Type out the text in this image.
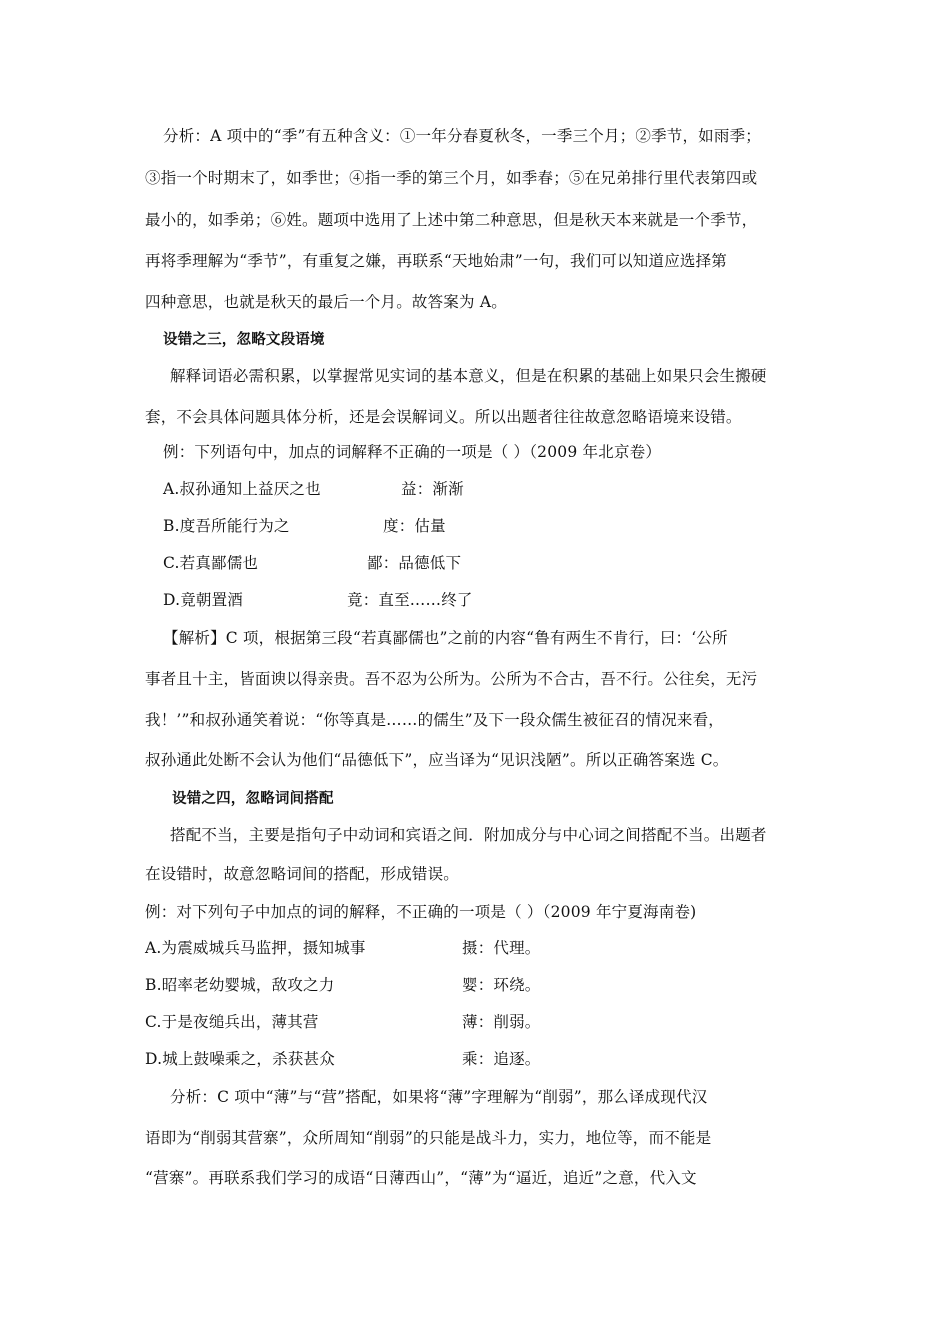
分析：A 项中的“季”有五种含义：①一年分春夏秋冬，一季三个月；②季节，如雨季；
③指一个时期末了，如季世；④指一季的第三个月，如季春；⑤在兄弟排行里代表第四或
最小的，如季弟；⑥姓。题项中选用了上述中第二种意思，但是秋天本来就是一个季节，
再将季理解为“季节”，有重复之嫌，再联系“天地始肃”一句，我们可以知道应选择第
四种意思，也就是秋天的最后一个月。故答案为 A。
设错之三，忽略文段语境
解释词语必需积累，以掌握常见实词的基本意义，但是在积累的基础上如果只会生搬硬
套，不会具体问题具体分析，还是会误解词义。所以出题者往往故意忽略语境来设错。
例：下列语句中，加点的词解释不正确的一项是（ ）（2009 年北京卷）
A.叔孙通知上益厌之也	益：渐渐
B.度吾所能行为之	度：估量
C.若真鄙儒也	鄙：品德低下
D.竟朝置酒	竟：直至……终了
【解析】C 项，根据第三段“若真鄙儒也”之前的内容“鲁有两生不肯行，曰：‘公所
事者且十主，皆面谀以得亲贵。吾不忍为公所为。公所为不合古，吾不行。公往矣，无污
我！’”和叔孙通笑着说：“你等真是……的儒生”及下一段众儒生被征召的情况来看，
叔孙通此处断不会认为他们“品德低下”，应当译为“见识浅陋”。所以正确答案选 C。
设错之四，忽略词间搭配
搭配不当，主要是指句子中动词和宾语之间．附加成分与中心词之间搭配不当。出题者
在设错时，故意忽略词间的搭配，形成错误。
例：对下列句子中加点的词的解释，不正确的一项是（ ）（2009 年宁夏海南卷)
A.为震威城兵马监押，摄知城事	摄：代理。
B.昭率老幼婴城，敌攻之力	婴：环绕。
C.于是夜缒兵出，薄其营	薄：削弱。
D.城上鼓噪乘之，杀获甚众	乘：追逐。
分析：C 项中“薄”与“营”搭配，如果将“薄”字理解为“削弱”，那么译成现代汉
语即为“削弱其营寨”，众所周知“削弱”的只能是战斗力，实力，地位等，而不能是
“营寨”。再联系我们学习的成语“日薄西山”，“薄”为“逼近，追近”之意，代入文
